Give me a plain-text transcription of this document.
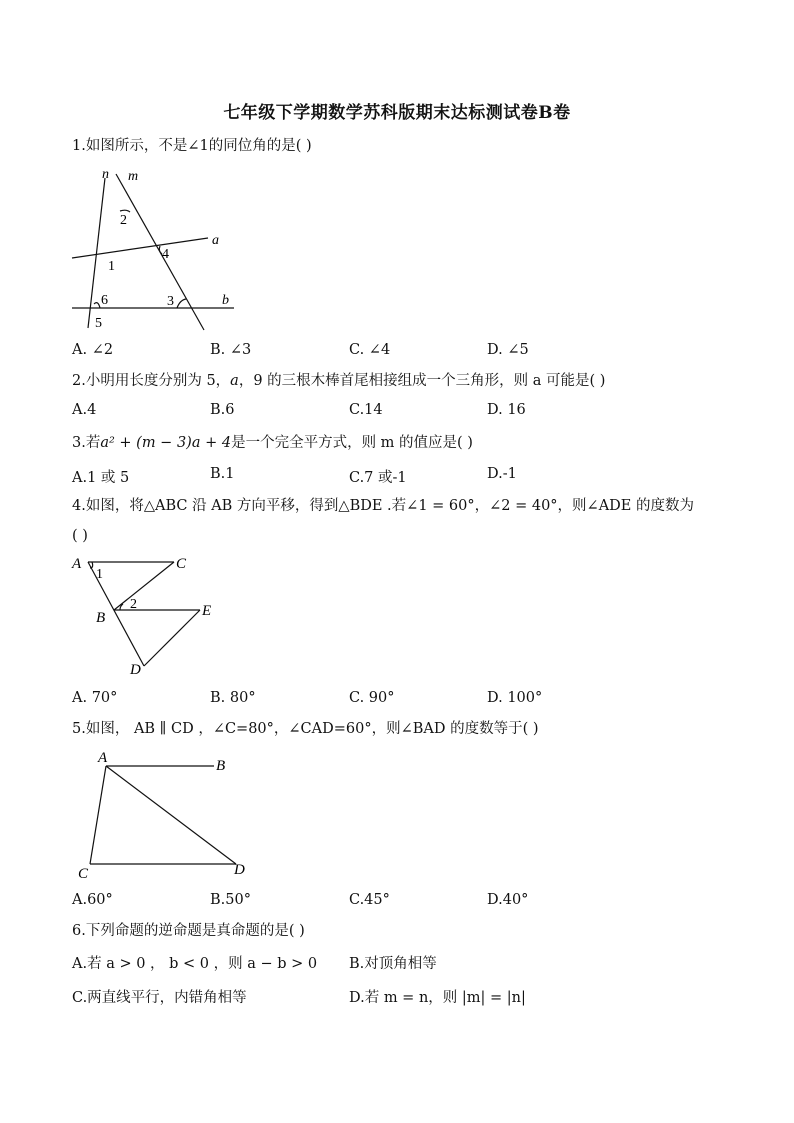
七年级下学期数学苏科版期末达标测试卷B卷
1.如图所示，不是∠1的同位角的是( )
n m
a
b
2
1
4
3
6
5
A. ∠2	B. ∠3	C. ∠4	D. ∠5
2.小明用长度分别为 5，a，9 的三根木棒首尾相接组成一个三角形，则 a 可能是( )
A.4	B.6	C.14	D. 16
3.若a² + (m − 3)a + 4是一个完全平方式，则 m 的值应是( )
A.1 或 5	B.1	C.7 或-1	D.-1
4.如图，将△ABC 沿 AB 方向平移，得到△BDE .若∠1 = 60°，∠2 = 40°，则∠ADE 的度数为
( )
A	C
B	E
D
1
2
A. 70°	B. 80°	C. 90°	D. 100°
5.如图， AB ∥ CD ，∠C=80°，∠CAD=60°，则∠BAD 的度数等于( )
A	B
C	D
A.60°	B.50°	C.45°	D.40°
6.下列命题的逆命题是真命题的是( )
A.若 a > 0 ， b < 0 ，则 a − b > 0 B.对顶角相等
C.两直线平行，内错角相等	D.若 m = n，则 |m| = |n|
